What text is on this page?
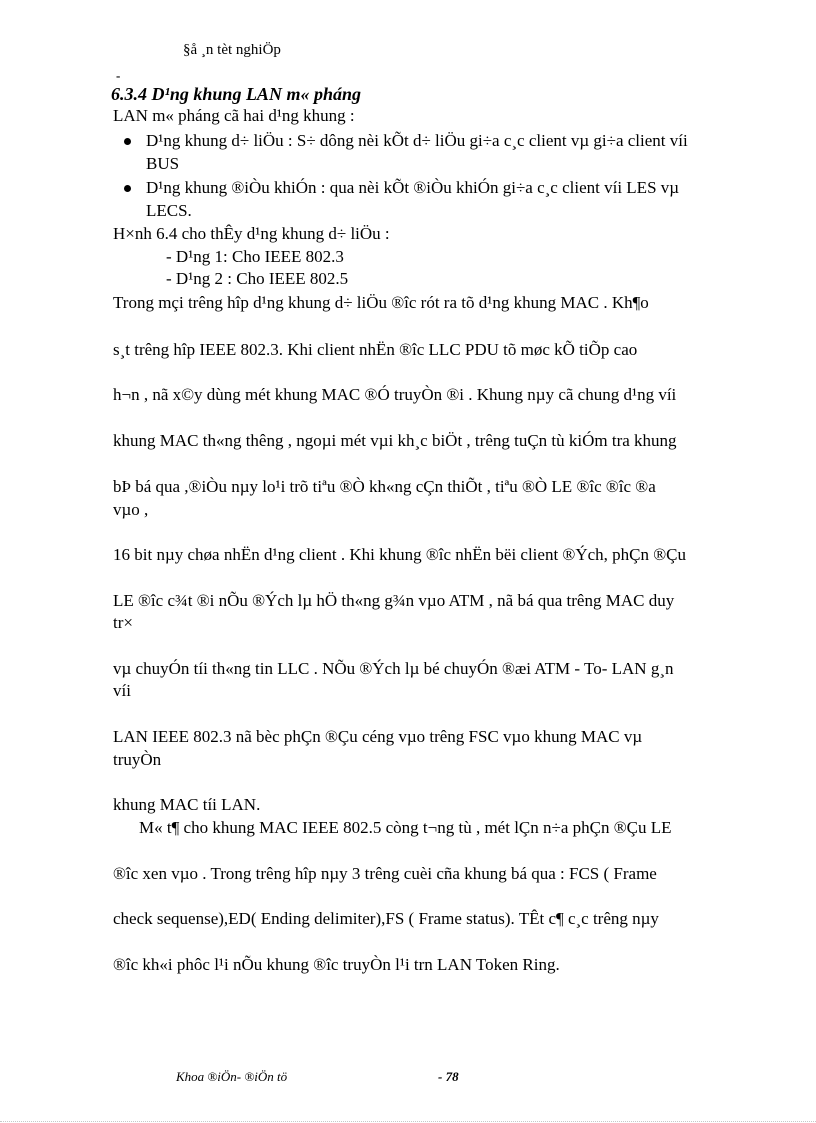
§å ¸n tèt nghiÖp
-
6.3.4 D¹ng khung LAN m« pháng
LAN m« pháng cã hai d¹ng khung :
D¹ng khung d÷ liÖu : S÷ dông nèi kÕt d÷ liÖu gi÷a c¸c client vµ gi÷a client víi
BUS
D¹ng khung ®iÒu khiÓn : qua nèi kÕt ®iÒu khiÓn gi÷a c¸c client víi LES vµ
LECS.
H×nh 6.4 cho thÊy d¹ng khung d÷ liÖu :
- D¹ng 1: Cho IEEE 802.3
- D¹ng 2 : Cho IEEE 802.5
Trong mçi trêng hîp d¹ng khung d÷ liÖu ®îc rót ra tõ d¹ng khung MAC . Kh¶o
s¸t trêng hîp IEEE 802.3. Khi client nhËn ®îc LLC PDU tõ møc kÕ tiÕp cao
h¬n , nã x©y dùng mét khung MAC ®Ó truyÒn ®i . Khung nµy cã chung d¹ng víi
khung MAC th«ng thêng , ngoµi mét vµi kh¸c biÖt , trêng tuÇn tù kiÓm tra khung
bÞ bá qua ,®iÒu nµy lo¹i trõ tiªu ®Ò kh«ng cÇn thiÕt , tiªu ®Ò LE ®îc ®îc ®a
vµo ,
16 bit nµy chøa nhËn d¹ng client . Khi khung ®îc nhËn bëi client ®Ých, phÇn ®Çu
LE ®îc c¾t ®i nÕu ®Ých lµ hÖ th«ng g¾n vµo ATM , nã bá qua trêng MAC duy
tr×
vµ chuyÓn tíi th«ng tin LLC . NÕu ®Ých lµ bé chuyÓn ®æi ATM - To- LAN g¸n
víi
LAN IEEE 802.3 nã bèc phÇn ®Çu céng vµo trêng FSC vµo khung MAC vµ
truyÒn
khung MAC tíi LAN.
M« t¶ cho khung MAC IEEE 802.5 còng t¬ng tù , mét lÇn n÷a phÇn ®Çu LE
®îc xen vµo . Trong trêng hîp nµy 3 trêng cuèi cña khung bá qua : FCS ( Frame
check sequense),ED( Ending delimiter),FS ( Frame status). TÊt c¶ c¸c trêng nµy
®îc kh«i phôc l¹i nÕu khung ®îc truyÒn l¹i trn LAN Token Ring.
Khoa ®iÖn- ®iÖn tö	- 78
